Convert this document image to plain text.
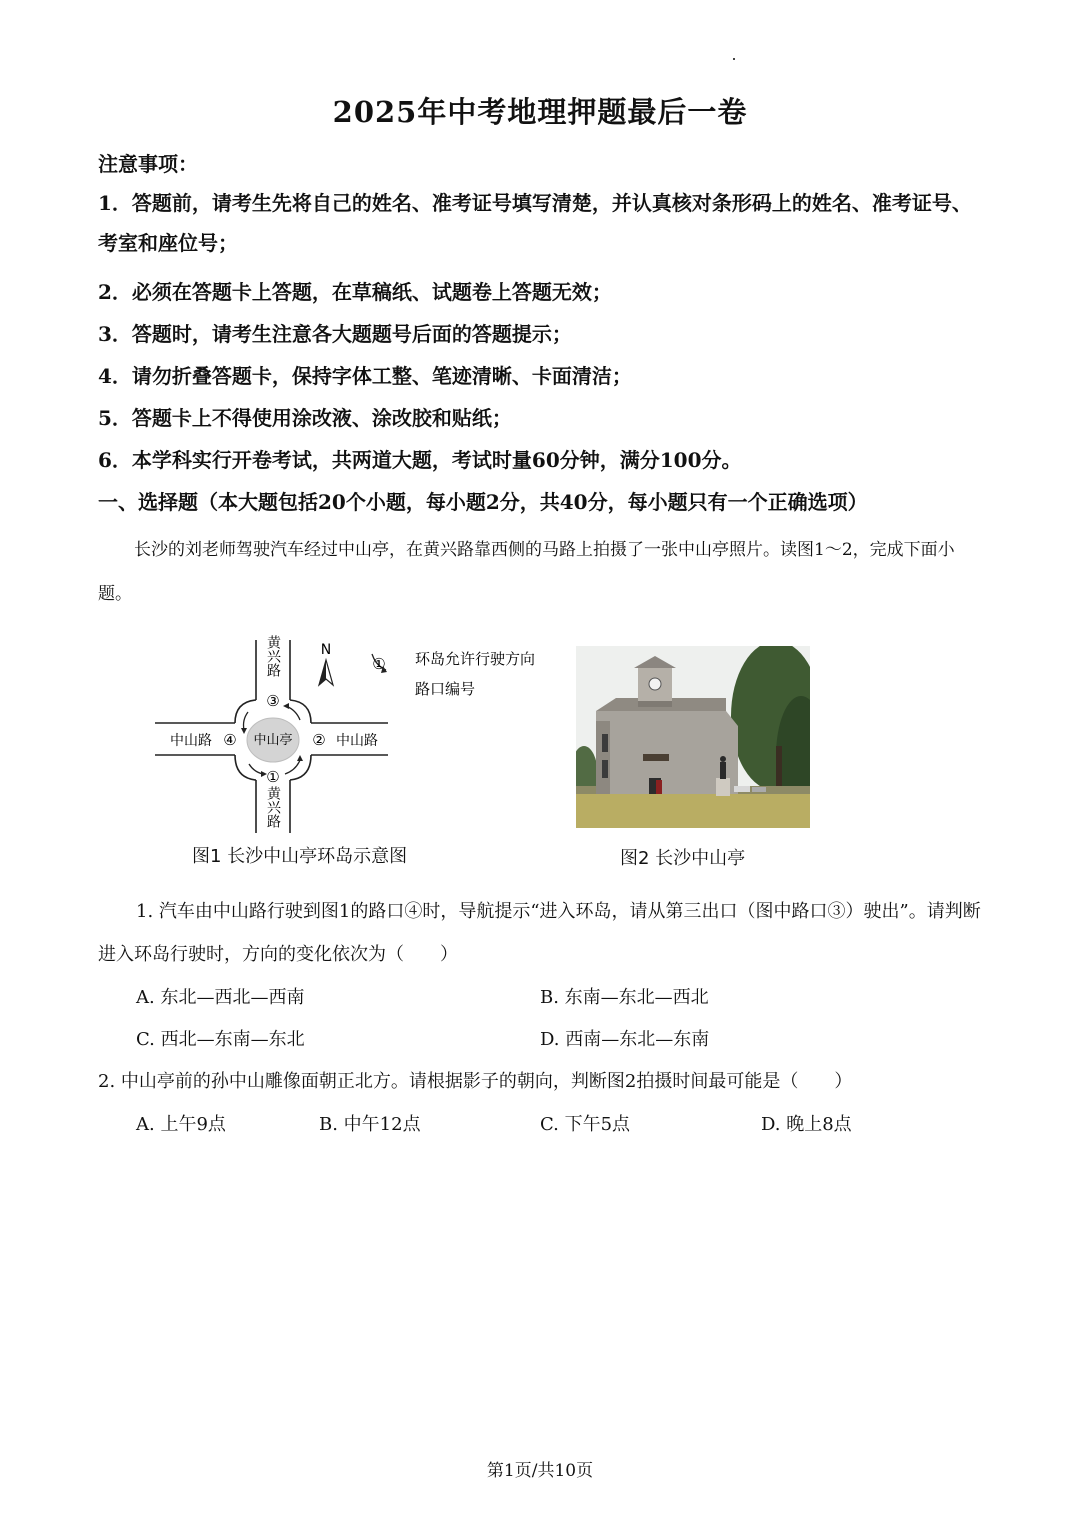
2025年中考地理押题最后一卷
注意事项：
1．答题前，请考生先将自己的姓名、准考证号填写清楚，并认真核对条形码上的姓名、准考证号、考室和座位号；
2．必须在答题卡上答题，在草稿纸、试题卷上答题无效；
3．答题时，请考生注意各大题题号后面的答题提示；
4．请勿折叠答题卡，保持字体工整、笔迹清晰、卡面清洁；
5．答题卡上不得使用涂改液、涂改胶和贴纸；
6．本学科实行开卷考试，共两道大题，考试时量60分钟，满分100分。
一、选择题（本大题包括20个小题，每小题2分，共40分，每小题只有一个正确选项）
长沙的刘老师驾驶汽车经过中山亭，在黄兴路靠西侧的马路上拍摄了一张中山亭照片。读图1～2，完成下面小题。
N
中山亭
中山路 ④	② 中山路
③
①
黄兴路
黄兴路
① 环岛允许行驶方向
路口编号
图1 长沙中山亭环岛示意图	图2 长沙中山亭
1. 汽车由中山路行驶到图1的路口④时，导航提示“进入环岛，请从第三出口（图中路口③）驶出”。请判断进入环岛行驶时，方向的变化依次为（　　）
A. 东北—西北—西南	B. 东南—东北—西北
C. 西北—东南—东北	D. 西南—东北—东南
2. 中山亭前的孙中山雕像面朝正北方。请根据影子的朝向，判断图2拍摄时间最可能是（　　）
A. 上午9点	B. 中午12点	C. 下午5点	D. 晚上8点
第1页/共10页
